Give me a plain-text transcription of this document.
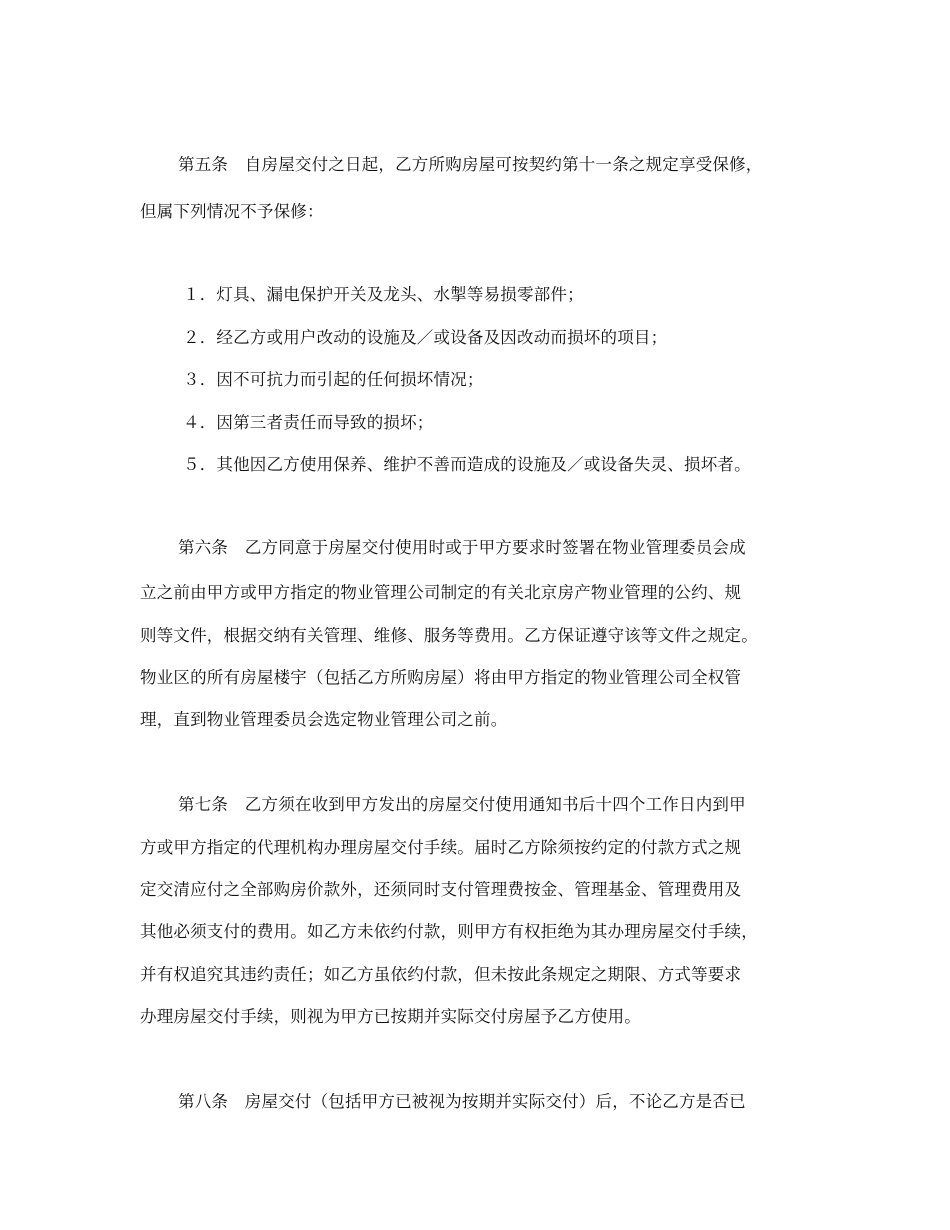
第五条　自房屋交付之日起，乙方所购房屋可按契约第十一条之规定享受保修，
但属下列情况不予保修：
１．灯具、漏电保护开关及龙头、水掣等易损零部件；
２．经乙方或用户改动的设施及／或设备及因改动而损坏的项目；
３．因不可抗力而引起的任何损坏情况；
４．因第三者责任而导致的损坏；
５．其他因乙方使用保养、维护不善而造成的设施及／或设备失灵、损坏者。
第六条　乙方同意于房屋交付使用时或于甲方要求时签署在物业管理委员会成
立之前由甲方或甲方指定的物业管理公司制定的有关北京房产物业管理的公约、规
则等文件，根据交纳有关管理、维修、服务等费用。乙方保证遵守该等文件之规定。
物业区的所有房屋楼宇（包括乙方所购房屋）将由甲方指定的物业管理公司全权管
理，直到物业管理委员会选定物业管理公司之前。
第七条　乙方须在收到甲方发出的房屋交付使用通知书后十四个工作日内到甲
方或甲方指定的代理机构办理房屋交付手续。届时乙方除须按约定的付款方式之规
定交清应付之全部购房价款外，还须同时支付管理费按金、管理基金、管理费用及
其他必须支付的费用。如乙方未依约付款，则甲方有权拒绝为其办理房屋交付手续，
并有权追究其违约责任；如乙方虽依约付款，但未按此条规定之期限、方式等要求
办理房屋交付手续，则视为甲方已按期并实际交付房屋予乙方使用。
第八条　房屋交付（包括甲方已被视为按期并实际交付）后，不论乙方是否已
